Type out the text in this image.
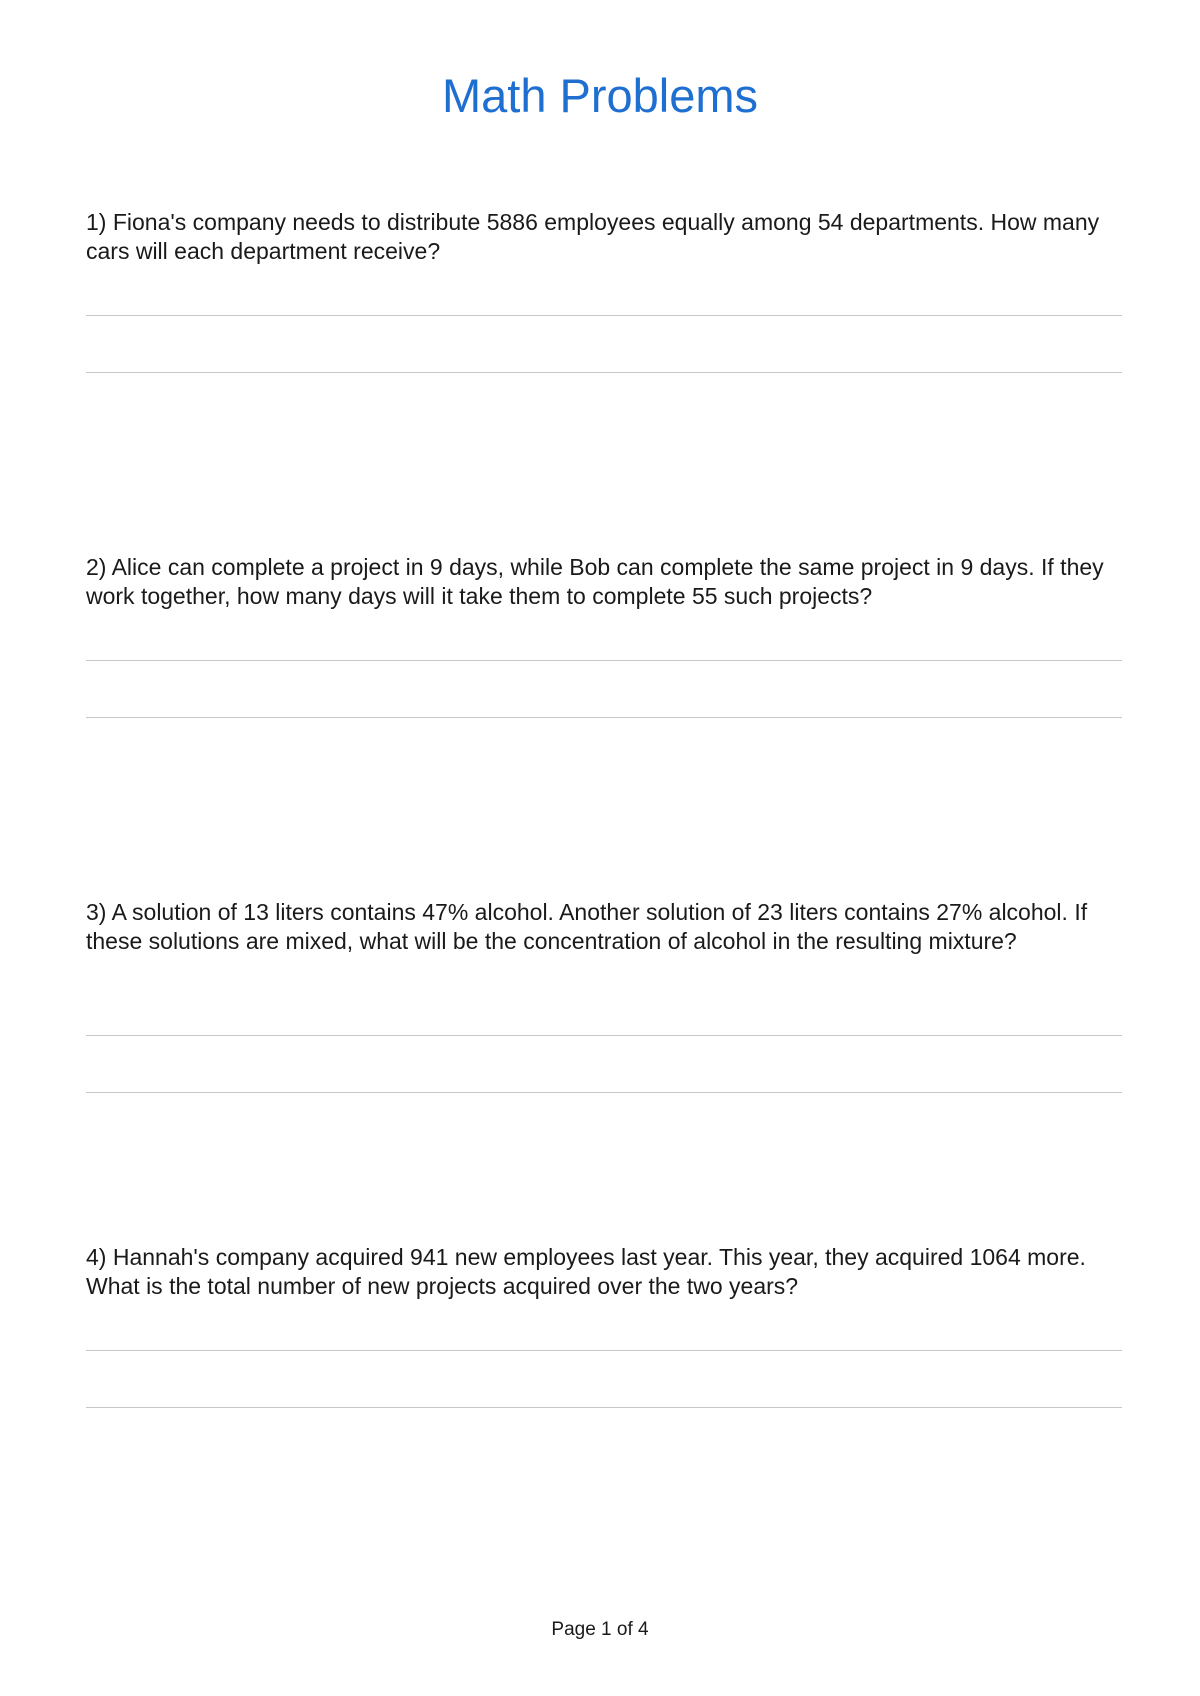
Math Problems

1) Fiona's company needs to distribute 5886 employees equally among 54 departments. How many cars will each department receive?

2) Alice can complete a project in 9 days, while Bob can complete the same project in 9 days. If they work together, how many days will it take them to complete 55 such projects?

3) A solution of 13 liters contains 47% alcohol. Another solution of 23 liters contains 27% alcohol. If these solutions are mixed, what will be the concentration of alcohol in the resulting mixture?

4) Hannah's company acquired 941 new employees last year. This year, they acquired 1064 more. What is the total number of new projects acquired over the two years?

Page 1 of 4
